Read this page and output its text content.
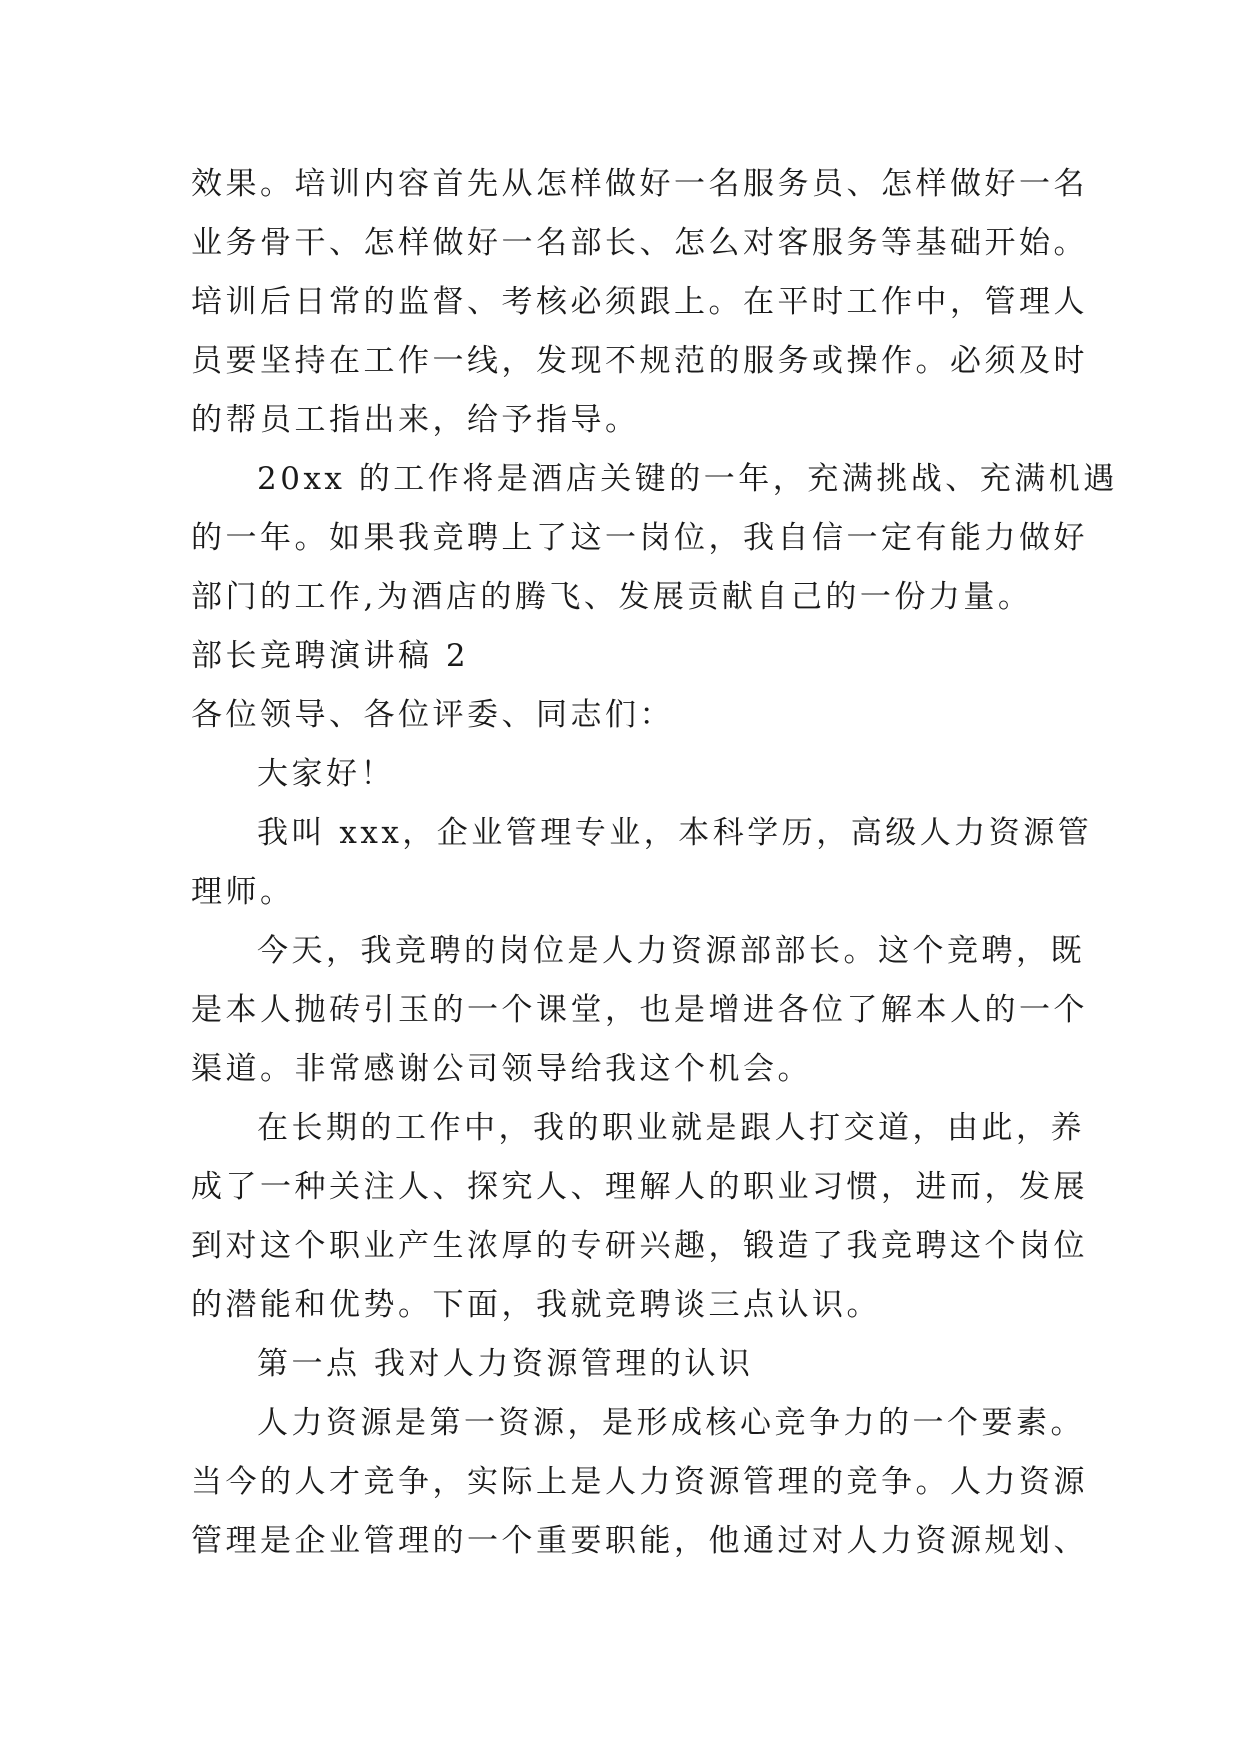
效果。培训内容首先从怎样做好一名服务员、怎样做好一名
业务骨干、怎样做好一名部长、怎么对客服务等基础开始。
培训后日常的监督、考核必须跟上。在平时工作中，管理人
员要坚持在工作一线，发现不规范的服务或操作。必须及时
的帮员工指出来，给予指导。
20xx 的工作将是酒店关键的一年，充满挑战、充满机遇
的一年。如果我竞聘上了这一岗位，我自信一定有能力做好
部门的工作,为酒店的腾飞、发展贡献自己的一份力量。
部长竞聘演讲稿 2
各位领导、各位评委、同志们：
大家好！
我叫 xxx，企业管理专业，本科学历，高级人力资源管
理师。
今天，我竞聘的岗位是人力资源部部长。这个竞聘，既
是本人抛砖引玉的一个课堂，也是增进各位了解本人的一个
渠道。非常感谢公司领导给我这个机会。
在长期的工作中，我的职业就是跟人打交道，由此，养
成了一种关注人、探究人、理解人的职业习惯，进而，发展
到对这个职业产生浓厚的专研兴趣，锻造了我竞聘这个岗位
的潜能和优势。下面，我就竞聘谈三点认识。
第一点 我对人力资源管理的认识
人力资源是第一资源，是形成核心竞争力的一个要素。
当今的人才竞争，实际上是人力资源管理的竞争。人力资源
管理是企业管理的一个重要职能，他通过对人力资源规划、
